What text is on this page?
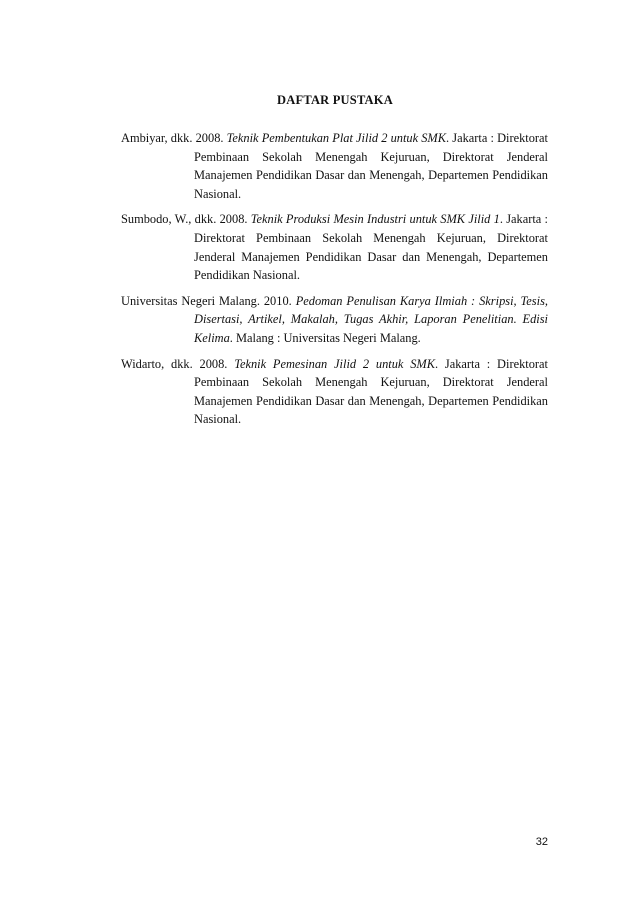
DAFTAR PUSTAKA

Ambiyar, dkk. 2008. Teknik Pembentukan Plat Jilid 2 untuk SMK. Jakarta : Direktorat Pembinaan Sekolah Menengah Kejuruan, Direktorat Jenderal Manajemen Pendidikan Dasar dan Menengah, Departemen Pendidikan Nasional.

Sumbodo, W., dkk. 2008. Teknik Produksi Mesin Industri untuk SMK Jilid 1. Jakarta : Direktorat Pembinaan Sekolah Menengah Kejuruan, Direktorat Jenderal Manajemen Pendidikan Dasar dan Menengah, Departemen Pendidikan Nasional.

Universitas Negeri Malang. 2010. Pedoman Penulisan Karya Ilmiah : Skripsi, Tesis, Disertasi, Artikel, Makalah, Tugas Akhir, Laporan Penelitian. Edisi Kelima. Malang : Universitas Negeri Malang.

Widarto, dkk. 2008. Teknik Pemesinan Jilid 2 untuk SMK. Jakarta : Direktorat Pembinaan Sekolah Menengah Kejuruan, Direktorat Jenderal Manajemen Pendidikan Dasar dan Menengah, Departemen Pendidikan Nasional.

32
